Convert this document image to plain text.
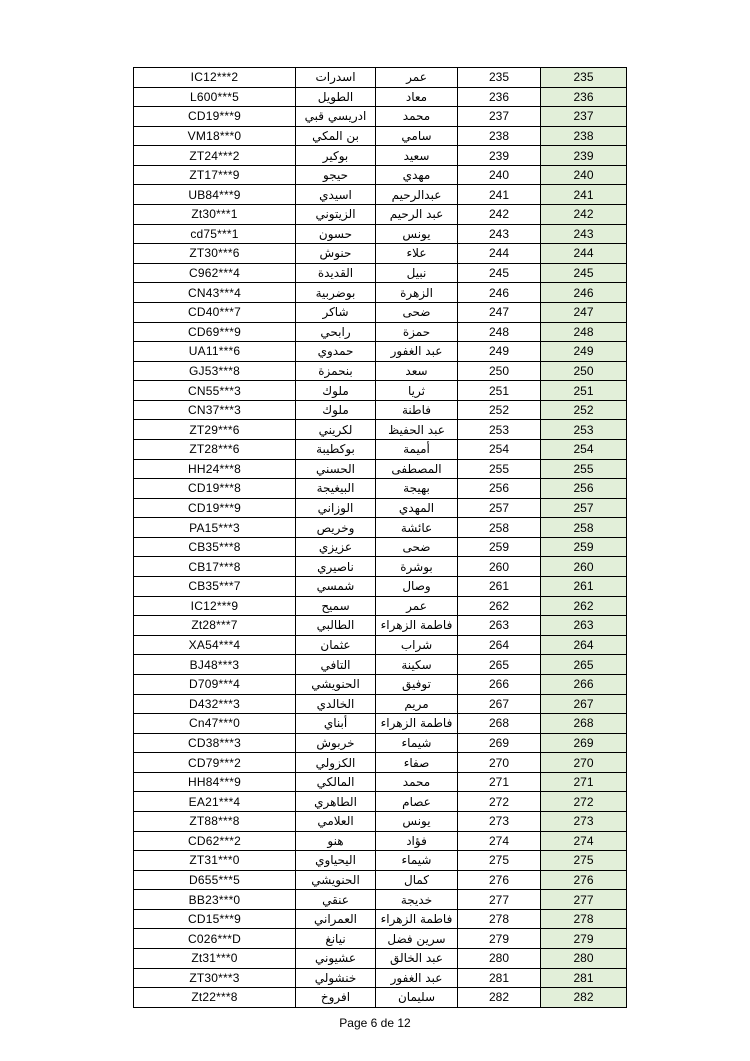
IC12***2	اسدرات	عمر	235	235
L600***5	الطويل	معاد	236	236
CD19***9	ادريسي قبي	محمد	237	237
VM18***0	بن المكي	سامي	238	238
ZT24***2	بوكير	سعيد	239	239
ZT17***9	حيجو	مهدي	240	240
UB84***9	اسيدي	عبدالرحيم	241	241
Zt30***1	الزيتوني	عبد الرحيم	242	242
cd75***1	حسون	يونس	243	243
ZT30***6	حنوش	علاء	244	244
C962***4	القديدة	نبيل	245	245
CN43***4	بوضربية	الزهرة	246	246
CD40***7	شاكر	ضحى	247	247
CD69***9	رابحي	حمزة	248	248
UA11***6	حمدوي	عبد الغفور	249	249
GJ53***8	بنحمزة	سعد	250	250
CN55***3	ملوك	ثريا	251	251
CN37***3	ملوك	فاطنة	252	252
ZT29***6	لكريني	عبد الحفيظ	253	253
ZT28***6	بوكطيبة	أميمة	254	254
HH24***8	الحسني	المصطفى	255	255
CD19***8	البيغيجة	بهيجة	256	256
CD19***9	الوزاني	المهدي	257	257
PA15***3	وخريص	عائشة	258	258
CB35***8	عزيزي	ضحى	259	259
CB17***8	ناصيري	بوشرة	260	260
CB35***7	شمسي	وصال	261	261
IC12***9	سميح	عمر	262	262
Zt28***7	الطالبي	فاطمة الزهراء	263	263
XA54***4	عثمان	شراب	264	264
BJ48***3	التافي	سكينة	265	265
D709***4	الحنويشي	توفيق	266	266
D432***3	الخالدي	مريم	267	267
Cn47***0	أبناي	فاطمة الزهراء	268	268
CD38***3	خربوش	شيماء	269	269
CD79***2	الكزولي	صفاء	270	270
HH84***9	المالكي	محمد	271	271
EA21***4	الطاهري	عصام	272	272
ZT88***8	العلامي	يونس	273	273
CD62***2	هنو	فؤاد	274	274
ZT31***0	اليحياوي	شيماء	275	275
D655***5	الحنويشي	كمال	276	276
BB23***0	عنقي	خديجة	277	277
CD15***9	العمراني	فاطمة الزهراء	278	278
C026***D	نيانغ	سرين فضل	279	279
Zt31***0	عشيوني	عبد الخالق	280	280
ZT30***3	خنشولي	عبد الغفور	281	281
Zt22***8	افروخ	سليمان	282	282
Page 6 de 12
